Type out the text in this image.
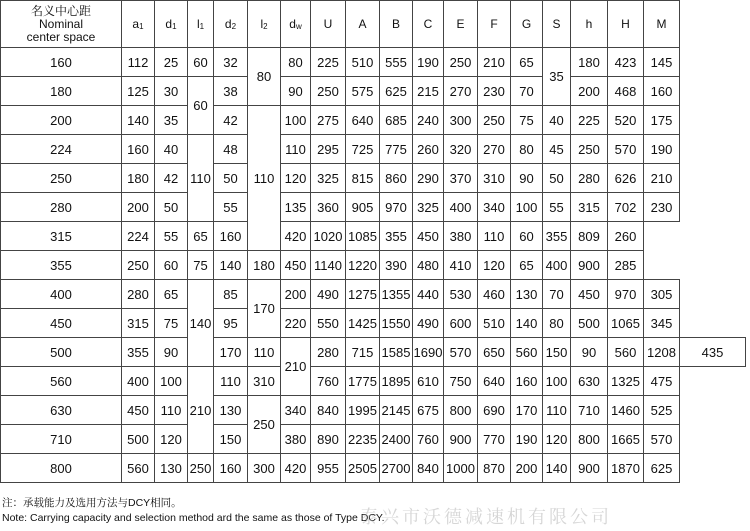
名义中心距
Nominal
center space	$a_1$	$d_1$	$l_1$	$d_2$	$l_2$	$d_w$	U	A	B	C	E	F	G	S	h	H	M	
160	112	25	60	32	80	80	225	510	555	190	250	210	65	35	180	423	145	
180	125	30	60	38		90	250	575	625	215	270	230	70		200	468	160	
200	140	35		42	110	100	275	640	685	240	300	250	75	40	225	520	175	
224	160	40	110	48		110	295	725	775	260	320	270	80	45	250	570	190	
250	180	42		50		120	325	815	860	290	370	310	90	50	280	626	210	
280	200	50		55		135	360	905	970	325	400	340	100	55	315	702	230	
315	224	55	65	160		420	1020	1085	355	450	380	110	60	355	809	260		
355	250	60	75	140	180	450	1140	1220	390	480	410	120	65	400	900	285		
400	280	65	140	85	170	200	490	1275	1355	440	530	460	130	70	450	970	305	
450	315	75		95		220	550	1425	1550	490	600	510	140	80	500	1065	345	
500	355	90		170	110	210	280	715	1585	1690	570	650	560	150	90	560	1208	435
560	400	100	210	110	310		760	1775	1895	610	750	640	160	100	630	1325	475	
630	450	110		130	250	340	840	1995	2145	675	800	690	170	110	710	1460	525	
710	500	120		150		380	890	2235	2400	760	900	770	190	120	800	1665	570	
800	560	130	250	160	300	420	955	2505	2700	840	1000	870	200	140	900	1870	625	
注：承载能力及选用方法与DCY相同。
Note: Carrying capacity and selection method ard the same as those of Type DCY.
泰兴市沃德减速机有限公司
